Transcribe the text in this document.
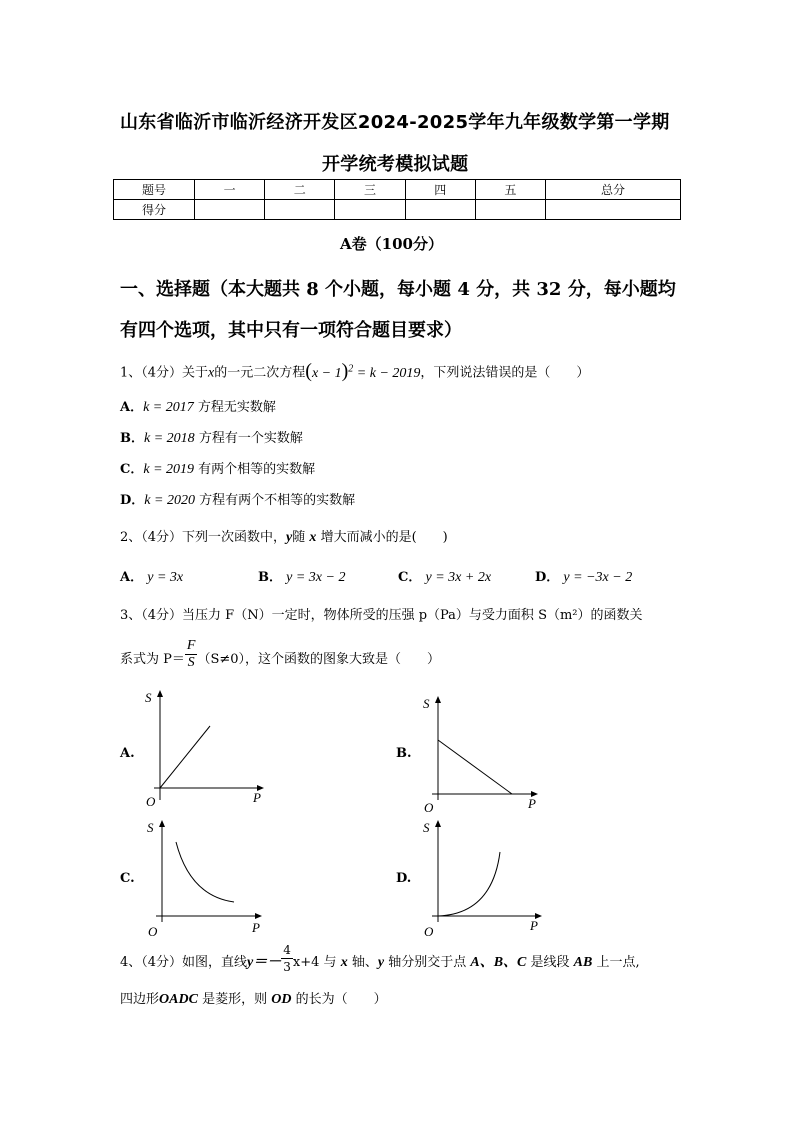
山东省临沂市临沂经济开发区2024-2025学年九年级数学第一学期
开学统考模拟试题
题号	一	二	三	四	五	总分
得分						
A卷（100分）
一、选择题（本大题共 8 个小题，每小题 4 分，共 32 分，每小题均
有四个选项，其中只有一项符合题目要求）
1、（4分）关于x的一元二次方程$(x - 1)^2 = k - 2019$，下列说法错误的是（　　）
A．k = 2017 方程无实数解
B．k = 2018 方程有一个实数解
C．k = 2019 有两个相等的实数解
D．k = 2020 方程有两个不相等的实数解
2、（4分）下列一次函数中，y随 x 增大而减小的是(　　)
A． y = 3x	B． y = 3x − 2	C． y = 3x + 2x	D． y = −3x − 2
3、（4分）当压力 F（N）一定时，物体所受的压强 p（Pa）与受力面积 S（m²）的函数关
系式为 $P= \frac{F}{S} (S\ne 0)$，这个函数的图象大致是（　　）
A.	B.
C.	D.
S
P
O
S
P
O
S
P
O
S
P
O
4、（4分）如图，直线$y=- \frac{4}{3} x+4$ 与 x 轴、y 轴分别交于点 A、B、C 是线段 AB 上一点,
四边形OADC 是菱形，则 OD 的长为（　　）
